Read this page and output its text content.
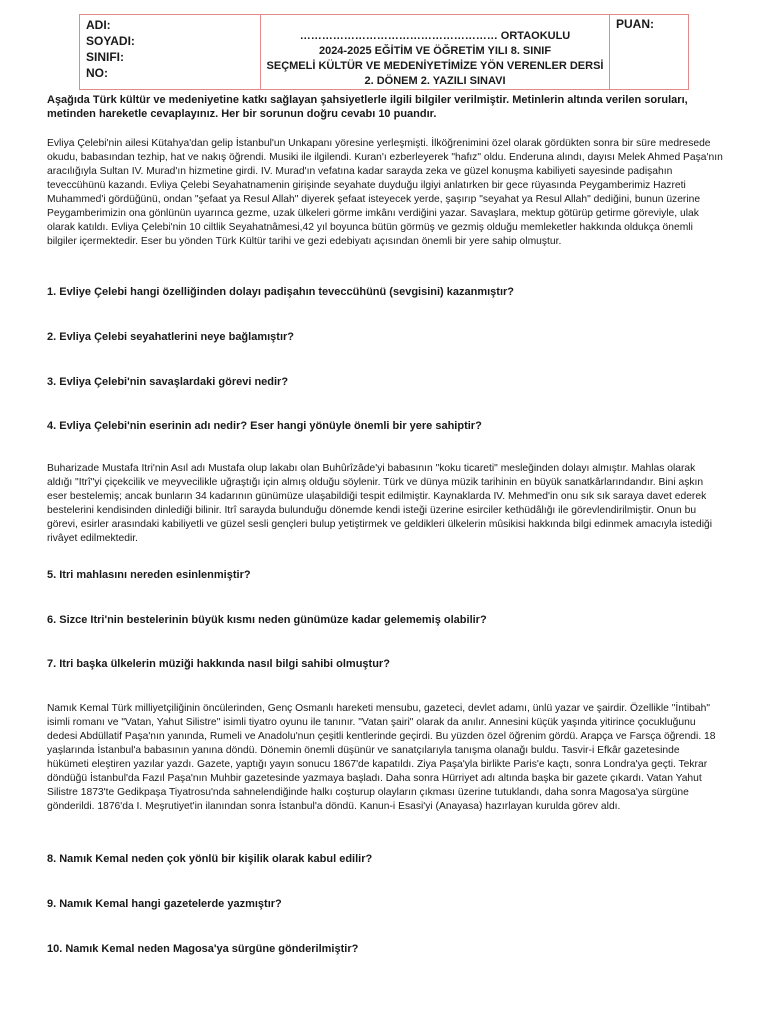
ADI:
SOYADI:
SINIFI:
NO:

……………………………………………… ORTAOKULU
2024-2025 EĞİTİM VE ÖĞRETİM YILI 8. SINIF
SEÇMELİ KÜLTÜR VE MEDENİYETİMİZE YÖN VERENLER DERSİ
2. DÖNEM 2. YAZILI SINAVI

PUAN:
Aşağıda Türk kültür ve medeniyetine katkı sağlayan şahsiyetlerle ilgili bilgiler verilmiştir. Metinlerin altında verilen soruları, metinden hareketle cevaplayınız. Her bir sorunun doğru cevabı 10 puandır.

Evliya Çelebi'nin ailesi Kütahya'dan gelip İstanbul'un Unkapanı yöresine yerleşmişti. İlköğrenimini özel olarak gördükten sonra bir süre medresede okudu, babasından tezhip, hat ve nakış öğrendi. Musiki ile ilgilendi. Kuran'ı ezberleyerek "hafız" oldu. Enderuna alındı, dayısı Melek Ahmed Paşa'nın aracılığıyla Sultan IV. Murad'ın hizmetine girdi. IV. Murad'ın vefatına kadar sarayda zeka ve güzel konuşma kabiliyeti sayesinde padişahın teveccühünü kazandı. Evliya Çelebi Seyahatnamenin girişinde seyahate duyduğu ilgiyi anlatırken bir gece rüyasında Peygamberimiz Hazreti Muhammed'i gördüğünü, ondan "şefaat ya Resul Allah" diyerek şefaat isteyecek yerde, şaşırıp "seyahat ya Resul Allah" dediğini, bunun üzerine Peygamberimizin ona gönlünün uyarınca gezme, uzak ülkeleri görme imkânı verdiğini yazar. Savaşlara, mektup götürüp getirme göreviyle, ulak olarak katıldı. Evliya Çelebi'nin 10 ciltlik Seyahatnâmesi,42 yıl boyunca bütün görmüş ve gezmiş olduğu memleketler hakkında oldukça önemli bilgiler içermektedir. Eser bu yönden Türk Kültür tarihi ve gezi edebiyatı açısından önemli bir yere sahip olmuştur.

1. Evliye Çelebi hangi özelliğinden dolayı padişahın teveccühünü (sevgisini) kazanmıştır?
2. Evliya Çelebi seyahatlerini neye bağlamıştır?
3. Evliya Çelebi'nin savaşlardaki görevi nedir?
4. Evliya Çelebi'nin eserinin adı nedir? Eser hangi yönüyle önemli bir yere sahiptir?

Buharizade Mustafa Itri'nin Asıl adı Mustafa olup lakabı olan Buhûrîzâde'yi babasının "koku ticareti" mesleğinden dolayı almıştır. Mahlas olarak aldığı "Itrî"yi çiçekcilik ve meyvecilikle uğraştığı için almış olduğu söylenir. Türk ve dünya müzik tarihinin en büyük sanatkârlarındandır. Bini aşkın eser bestelemiş; ancak bunların 34 kadarının günümüze ulaşabildiği tespit edilmiştir. Kaynaklarda IV. Mehmed'in onu sık sık saraya davet ederek bestelerini kendisinden dinlediği bilinir. Itrî sarayda bulunduğu dönemde kendi isteği üzerine esirciler kethüdâlığı ile görevlendirilmiştir. Onun bu görevi, esirler arasındaki kabiliyetli ve güzel sesli gençleri bulup yetiştirmek ve geldikleri ülkelerin mûsikisi hakkında bilgi edinmek amacıyla istediği rivâyet edilmektedir.

5. Itri mahlasını nereden esinlenmiştir?
6. Sizce Itri'nin bestelerinin büyük kısmı neden günümüze kadar gelememiş olabilir?
7. Itri başka ülkelerin müziği hakkında nasıl bilgi sahibi olmuştur?

Namık Kemal Türk milliyetçiliğinin öncülerinden, Genç Osmanlı hareketi mensubu, gazeteci, devlet adamı, ünlü yazar ve şairdir. Özellikle "İntibah" isimli romanı ve "Vatan, Yahut Silistre" isimli tiyatro oyunu ile tanınır. "Vatan şairi" olarak da anılır. Annesini küçük yaşında yitirince çocukluğunu dedesi Abdüllatif Paşa'nın yanında, Rumeli ve Anadolu'nun çeşitli kentlerinde geçirdi. Bu yüzden özel öğrenim gördü. Arapça ve Farsça öğrendi. 18 yaşlarında İstanbul'a babasının yanına döndü. Dönemin önemli düşünür ve sanatçılarıyla tanışma olanağı buldu. Tasvir-i Efkâr gazetesinde hükümeti eleştiren yazılar yazdı. Gazete, yaptığı yayın sonucu 1867'de kapatıldı. Ziya Paşa'yla birlikte Paris'e kaçtı, sonra Londra'ya geçti. Tekrar döndüğü İstanbul'da Fazıl Paşa'nın Muhbir gazetesinde yazmaya başladı. Daha sonra Hürriyet adı altında başka bir gazete çıkardı. Vatan Yahut Silistre 1873'te Gedikpaşa Tiyatrosu'nda sahnelendiğinde halkı coşturup olayların çıkması üzerine tutuklandı, daha sonra Magosa'ya sürgüne gönderildi. 1876'da I. Meşrutiyet'in ilanından sonra İstanbul'a döndü. Kanun-i Esasi'yi (Anayasa) hazırlayan kurulda görev aldı.

8. Namık Kemal neden çok yönlü bir kişilik olarak kabul edilir?
9. Namık Kemal hangi gazetelerde yazmıştır?
10. Namık Kemal neden Magosa'ya sürgüne gönderilmiştir?
